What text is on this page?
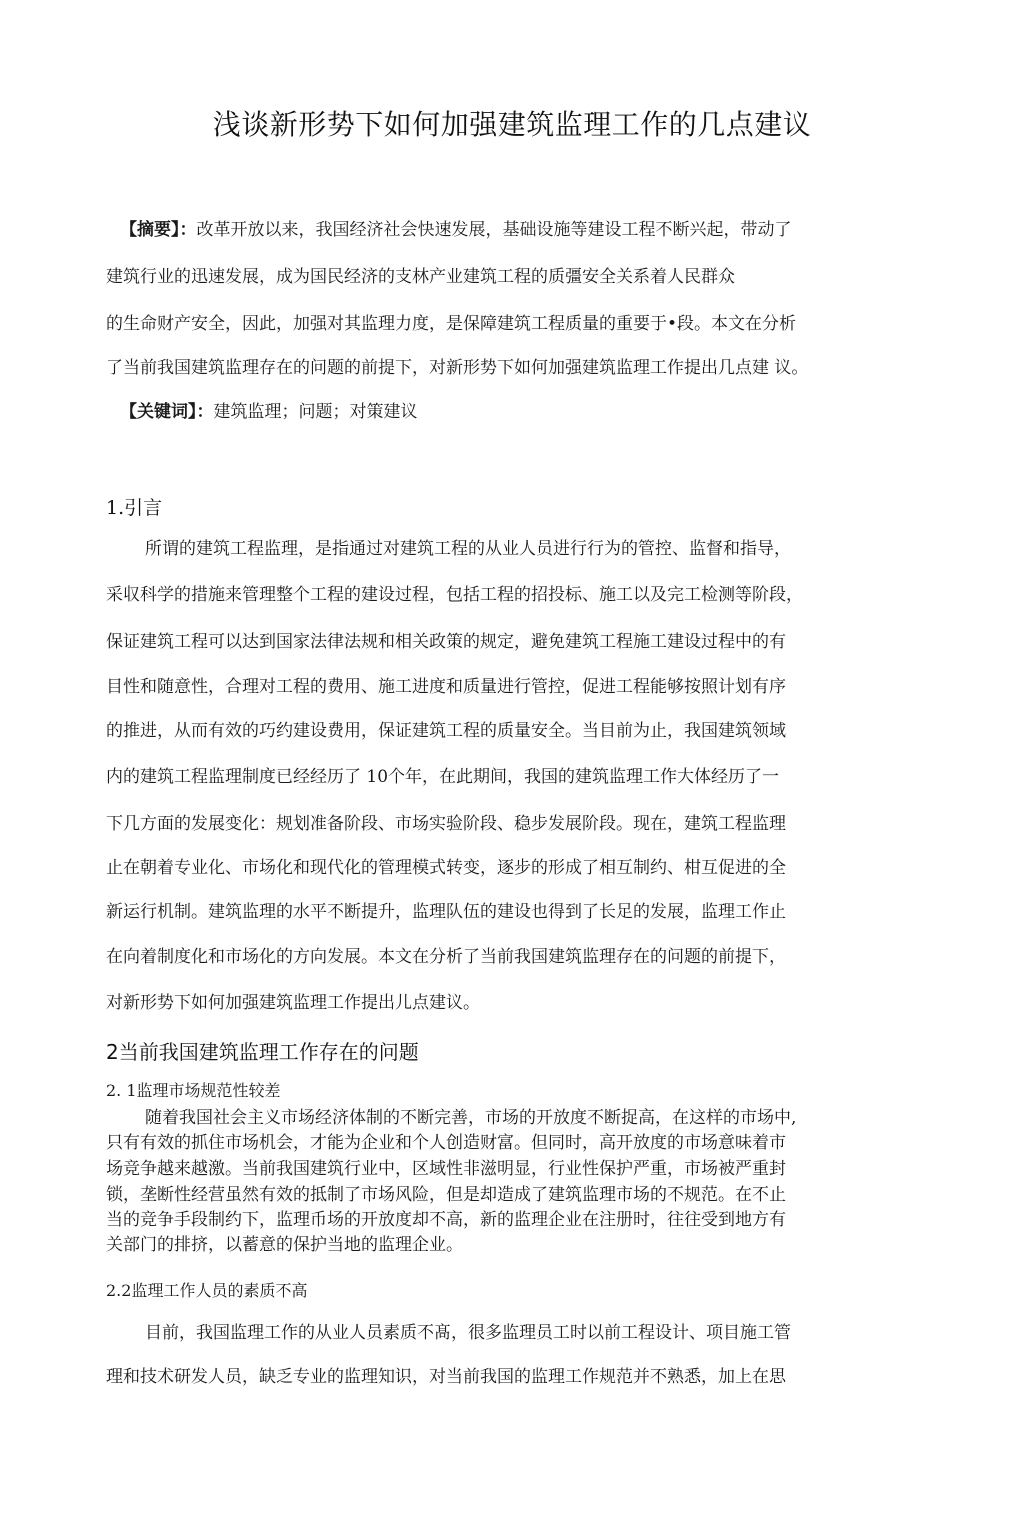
浅谈新形势下如何加强建筑监理工作的几点建议
【摘要】：改革开放以来，我国经济社会快速发展，基础设施等建设工程不断兴起，带动了
建筑行业的迅速发展，成为国民经济的支林产业建筑工程的质彊安全关系着人民群众
的生命财产安全，因此，加强对其监理力度，是保障建筑工程质量的重要于•段。本文在分析
了当前我国建筑监理存在的问题的前提下，对新形势下如何加强建筑监理工作提出几点建 议。
【关键词】：建筑监理；问题；对策建议
1.引言
所谓的建筑工程监理，是指通过对建筑工程的从业人员进行行为的管控、监督和指导，
采収科学的措施来管理整个工程的建设过程，包括工程的招投标、施工以及完工检测等阶段，
保证建筑工程可以达到国家法律法规和相关政策的规定，避免建筑工程施工建设过程中的有
目性和随意性，合理对工程的费用、施工进度和质量进行管控，促进工程能够按照计划有序
的推进，从而有效的巧约建设费用，保证建筑工程的质量安全。当目前为止，我国建筑领域
内的建筑工程监理制度已经经历了 10个年，在此期间，我国的建筑监理工作大体经历了一
下几方面的发展变化：规划准备阶段、市场实验阶段、稳步发展阶段。现在，建筑工程监理
止在朝着专业化、市场化和现代化的管理模式转变，逐步的形成了相互制约、柑互促进的全
新运行机制。建筑监理的水平不断提升，监理队伍的建设也得到了长足的发展，监理工作止
在向着制度化和市场化的方向发展。本文在分析了当前我国建筑监理存在的问题的前提下，
对新形势下如何加强建筑监理工作提出儿点建议。
2当前我国建筑监理工作存在的问题
2. 1监理市场规范性较差
随着我国社会主义市场经济体制的不断完善，市场的开放度不断捉高，在这样的市场中,
只有有效的抓住市场机会，才能为企业和个人创造财富。但同时，高开放度的市场意味着市
场竞争越来越激。当前我国建筑行业中，区域性非滋明显，行业性保护严重，市场被严重封
锁，垄断性经营虽然有效的抵制了市场风险，但是却造成了建筑监理市场的不规范。在不止
当的竞争手段制约下，监理币场的开放度却不高，新的监理企业在注册时，往往受到地方有
关部门的排挤，以蓄意的保护当地的监理企业。
2.2监理工作人员的素质不高
目前，我国监理工作的从业人员素质不髙，很多监理员工时以前工程设计、项目施工管
理和技术研发人员，缺乏专业的监理知识，对当前我国的监理工作规范并不熟悉，加上在思
